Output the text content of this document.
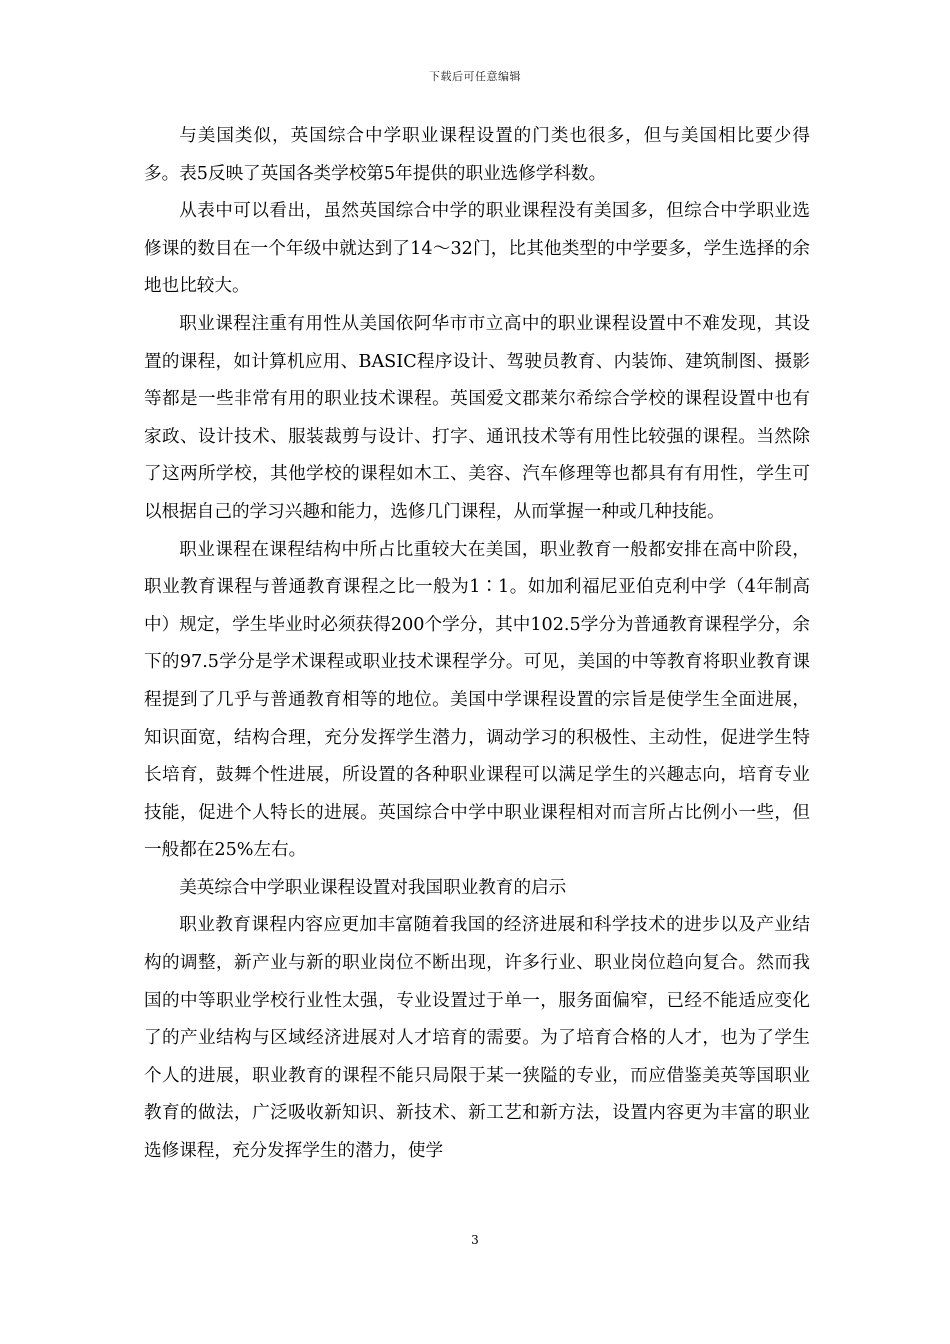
下载后可任意编辑

与美国类似，英国综合中学职业课程设置的门类也很多，但与美国相比要少得多。表5反映了英国各类学校第5年提供的职业选修学科数。

从表中可以看出，虽然英国综合中学的职业课程没有美国多，但综合中学职业选修课的数目在一个年级中就达到了14～32门，比其他类型的中学要多，学生选择的余地也比较大。

职业课程注重有用性从美国依阿华市市立高中的职业课程设置中不难发现，其设置的课程，如计算机应用、BASIC程序设计、驾驶员教育、内装饰、建筑制图、摄影等都是一些非常有用的职业技术课程。英国爱文郡莱尔希综合学校的课程设置中也有家政、设计技术、服装裁剪与设计、打字、通讯技术等有用性比较强的课程。当然除了这两所学校，其他学校的课程如木工、美容、汽车修理等也都具有有用性，学生可以根据自己的学习兴趣和能力，选修几门课程，从而掌握一种或几种技能。

职业课程在课程结构中所占比重较大在美国，职业教育一般都安排在高中阶段，职业教育课程与普通教育课程之比一般为1∶1。如加利福尼亚伯克利中学（4年制高中）规定，学生毕业时必须获得200个学分，其中102.5学分为普通教育课程学分，余下的97.5学分是学术课程或职业技术课程学分。可见，美国的中等教育将职业教育课程提到了几乎与普通教育相等的地位。美国中学课程设置的宗旨是使学生全面进展，知识面宽，结构合理，充分发挥学生潜力，调动学习的积极性、主动性，促进学生特长培育，鼓舞个性进展，所设置的各种职业课程可以满足学生的兴趣志向，培育专业技能，促进个人特长的进展。英国综合中学中职业课程相对而言所占比例小一些，但一般都在25%左右。

美英综合中学职业课程设置对我国职业教育的启示

职业教育课程内容应更加丰富随着我国的经济进展和科学技术的进步以及产业结构的调整，新产业与新的职业岗位不断出现，许多行业、职业岗位趋向复合。然而我国的中等职业学校行业性太强，专业设置过于单一，服务面偏窄，已经不能适应变化了的产业结构与区域经济进展对人才培育的需要。为了培育合格的人才，也为了学生个人的进展，职业教育的课程不能只局限于某一狭隘的专业，而应借鉴美英等国职业教育的做法，广泛吸收新知识、新技术、新工艺和新方法，设置内容更为丰富的职业选修课程，充分发挥学生的潜力，使学

3
